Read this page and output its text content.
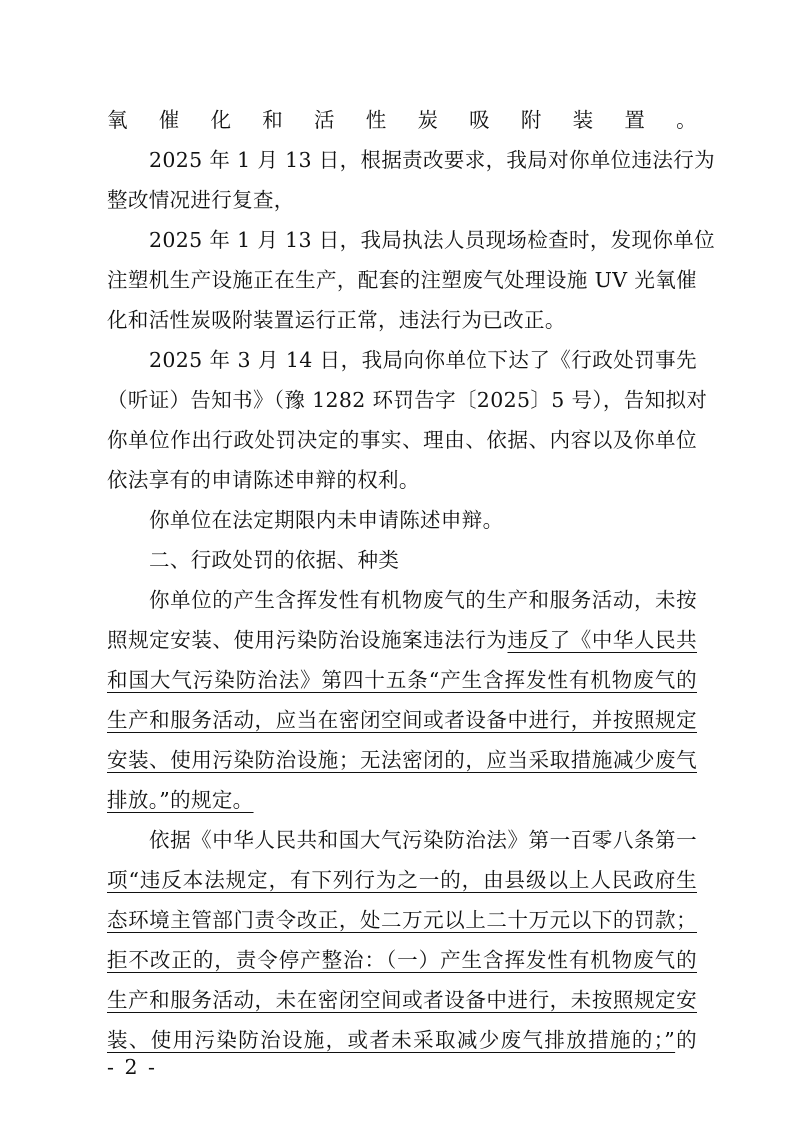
氧催化和活性炭吸附装置。
2025 年 1 月 13 日，根据责改要求，我局对你单位违法行为
整改情况进行复查，
2025 年 1 月 13 日，我局执法人员现场检查时，发现你单位
注塑机生产设施正在生产，配套的注塑废气处理设施 UV 光氧催
化和活性炭吸附装置运行正常，违法行为已改正。
2025 年 3 月 14 日，我局向你单位下达了《行政处罚事先
（听证）告知书》（豫 1282 环罚告字〔2025〕5 号），告知拟对
你单位作出行政处罚决定的事实、理由、依据、内容以及你单位
依法享有的申请陈述申辩的权利。
你单位在法定期限内未申请陈述申辩。
二、行政处罚的依据、种类
你单位的产生含挥发性有机物废气的生产和服务活动，未按
照规定安装、使用污染防治设施案违法行为违反了《中华人民共
和国大气污染防治法》第四十五条“产生含挥发性有机物废气的
生产和服务活动，应当在密闭空间或者设备中进行，并按照规定
安装、使用污染防治设施；无法密闭的，应当采取措施减少废气
排放。”的规定。
依据《中华人民共和国大气污染防治法》第一百零八条第一
项“违反本法规定，有下列行为之一的，由县级以上人民政府生
态环境主管部门责令改正，处二万元以上二十万元以下的罚款；
拒不改正的，责令停产整治：（一）产生含挥发性有机物废气的
生产和服务活动，未在密闭空间或者设备中进行，未按照规定安
装、使用污染防治设施，或者未采取减少废气排放措施的；”的
- 2 -
